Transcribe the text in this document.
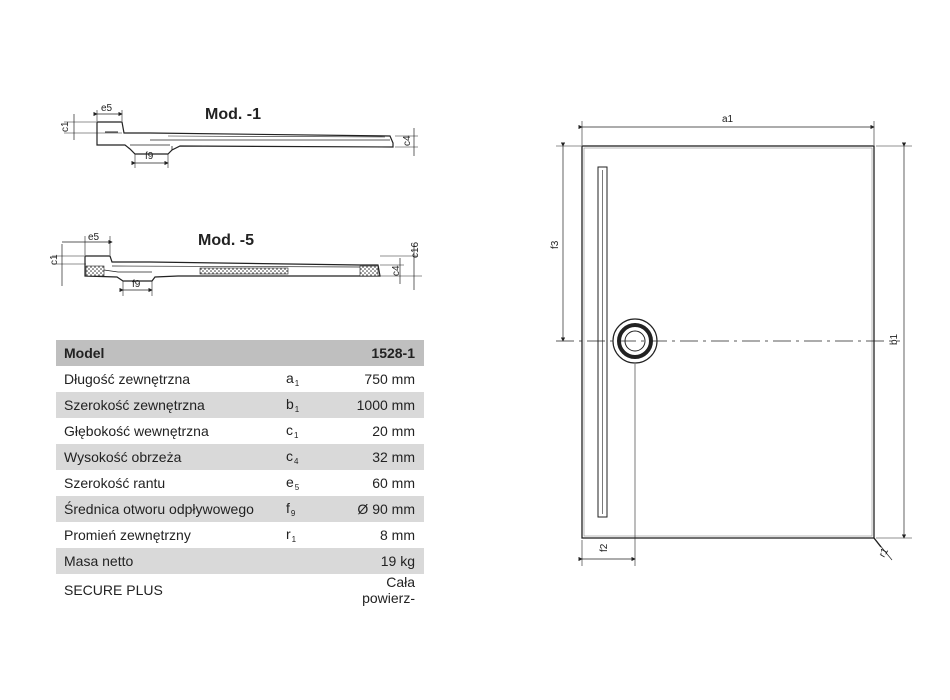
Mod. -1
e5
c1
f9
c4
Mod. -5
e5
c1
f9
c16
c4
a1
b1
f3
f2	r1
Model		1528-1
Długość zewnętrzna	$a_1$	750 mm
Szerokość zewnętrzna	$b_1$	1000 mm
Głębokość wewnętrzna	$c_1$	20 mm
Wysokość obrzeża	$c_4$	32 mm
Szerokość rantu	$e_5$	60 mm
Średnica otworu odpływowego	$f_9$	Ø 90 mm
Promień zewnętrzny	$r_1$	8 mm
Masa netto		19 kg
SECURE PLUS		Cała powierz-
